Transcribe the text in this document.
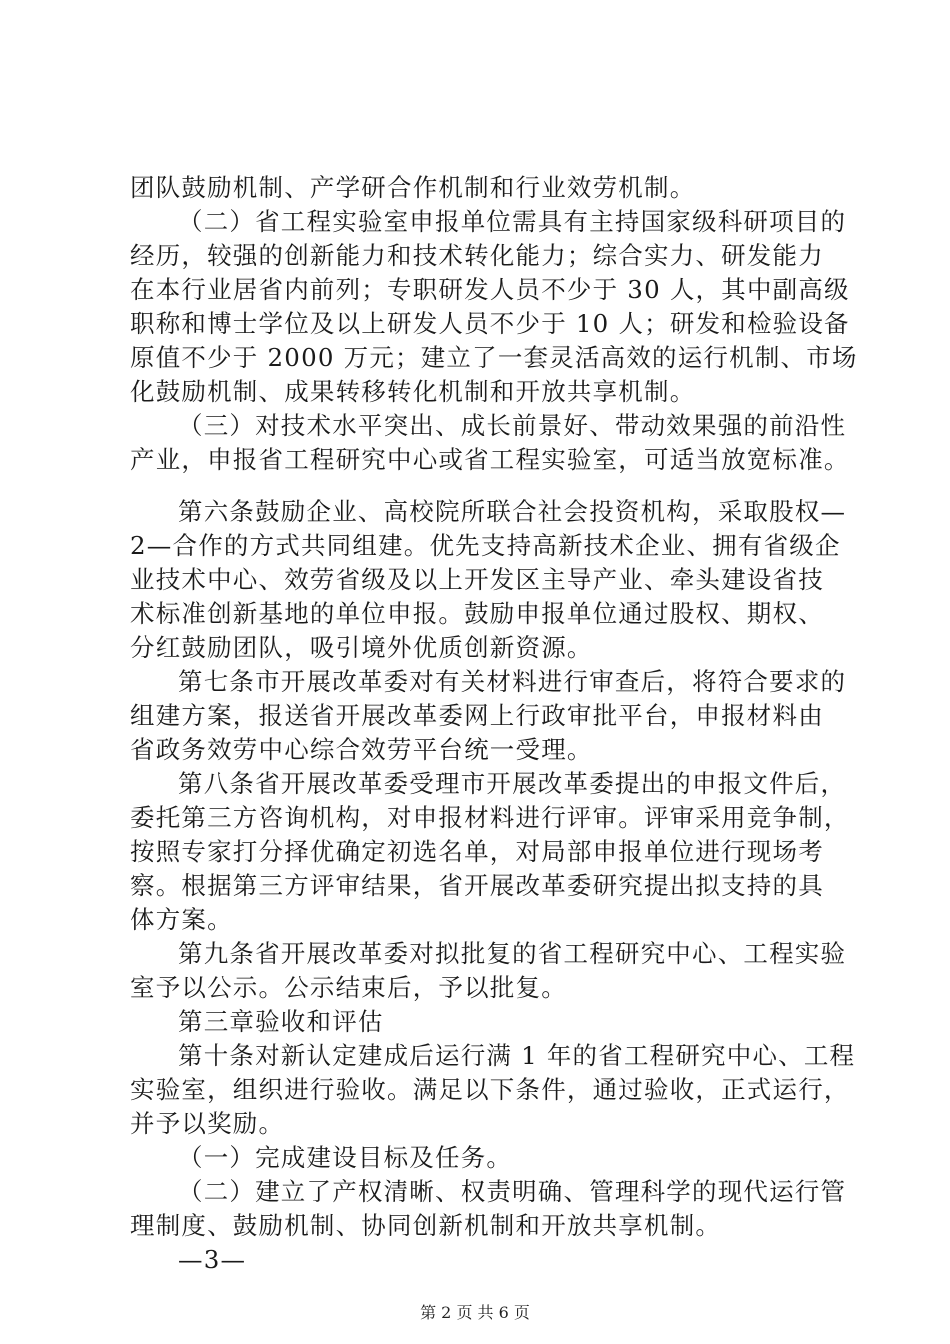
团队鼓励机制、产学研合作机制和行业效劳机制。
（二）省工程实验室申报单位需具有主持国家级科研项目的
经历，较强的创新能力和技术转化能力；综合实力、研发能力
在本行业居省内前列；专职研发人员不少于 30 人，其中副高级
职称和博士学位及以上研发人员不少于 10 人；研发和检验设备
原值不少于 2000 万元；建立了一套灵活高效的运行机制、市场
化鼓励机制、成果转移转化机制和开放共享机制。
（三）对技术水平突出、成长前景好、带动效果强的前沿性
产业，申报省工程研究中心或省工程实验室，可适当放宽标准。
第六条鼓励企业、高校院所联合社会投资机构，采取股权—
2—合作的方式共同组建。优先支持高新技术企业、拥有省级企
业技术中心、效劳省级及以上开发区主导产业、牵头建设省技
术标准创新基地的单位申报。鼓励申报单位通过股权、期权、
分红鼓励团队，吸引境外优质创新资源。
第七条市开展改革委对有关材料进行审查后，将符合要求的
组建方案，报送省开展改革委网上行政审批平台，申报材料由
省政务效劳中心综合效劳平台统一受理。
第八条省开展改革委受理市开展改革委提出的申报文件后，
委托第三方咨询机构，对申报材料进行评审。评审采用竞争制，
按照专家打分择优确定初选名单，对局部申报单位进行现场考
察。根据第三方评审结果，省开展改革委研究提出拟支持的具
体方案。
第九条省开展改革委对拟批复的省工程研究中心、工程实验
室予以公示。公示结束后，予以批复。
第三章验收和评估
第十条对新认定建成后运行满 1 年的省工程研究中心、工程
实验室，组织进行验收。满足以下条件，通过验收，正式运行，
并予以奖励。
（一）完成建设目标及任务。
（二）建立了产权清晰、权责明确、管理科学的现代运行管
理制度、鼓励机制、协同创新机制和开放共享机制。
—3—
第 2 页 共 6 页
